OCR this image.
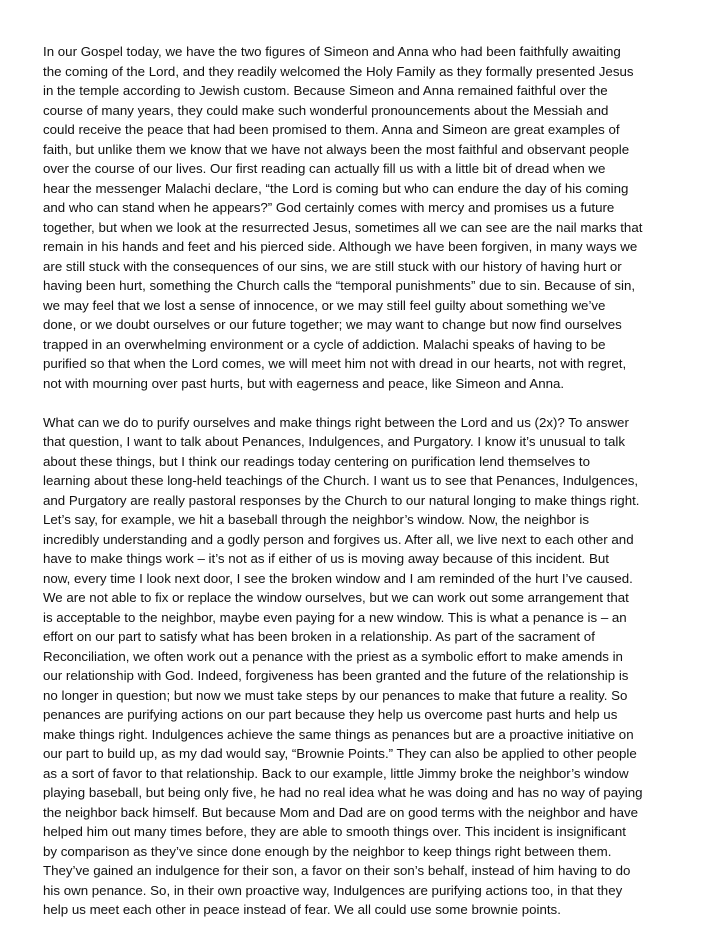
In our Gospel today, we have the two figures of Simeon and Anna who had been faithfully awaiting
the coming of the Lord, and they readily welcomed the Holy Family as they formally presented Jesus
in the temple according to Jewish custom. Because Simeon and Anna remained faithful over the
course of many years, they could make such wonderful pronouncements about the Messiah and
could receive the peace that had been promised to them. Anna and Simeon are great examples of
faith, but unlike them we know that we have not always been the most faithful and observant people
over the course of our lives. Our first reading can actually fill us with a little bit of dread when we
hear the messenger Malachi declare, “the Lord is coming but who can endure the day of his coming
and who can stand when he appears?” God certainly comes with mercy and promises us a future
together, but when we look at the resurrected Jesus, sometimes all we can see are the nail marks that
remain in his hands and feet and his pierced side. Although we have been forgiven, in many ways we
are still stuck with the consequences of our sins, we are still stuck with our history of having hurt or
having been hurt, something the Church calls the “temporal punishments” due to sin. Because of sin,
we may feel that we lost a sense of innocence, or we may still feel guilty about something we’ve
done, or we doubt ourselves or our future together; we may want to change but now find ourselves
trapped in an overwhelming environment or a cycle of addiction. Malachi speaks of having to be
purified so that when the Lord comes, we will meet him not with dread in our hearts, not with regret,
not with mourning over past hurts, but with eagerness and peace, like Simeon and Anna.

What can we do to purify ourselves and make things right between the Lord and us (2x)? To answer
that question, I want to talk about Penances, Indulgences, and Purgatory. I know it’s unusual to talk
about these things, but I think our readings today centering on purification lend themselves to
learning about these long-held teachings of the Church. I want us to see that Penances, Indulgences,
and Purgatory are really pastoral responses by the Church to our natural longing to make things right.
Let’s say, for example, we hit a baseball through the neighbor’s window. Now, the neighbor is
incredibly understanding and a godly person and forgives us. After all, we live next to each other and
have to make things work – it’s not as if either of us is moving away because of this incident. But
now, every time I look next door, I see the broken window and I am reminded of the hurt I’ve caused.
We are not able to fix or replace the window ourselves, but we can work out some arrangement that
is acceptable to the neighbor, maybe even paying for a new window. This is what a penance is – an
effort on our part to satisfy what has been broken in a relationship. As part of the sacrament of
Reconciliation, we often work out a penance with the priest as a symbolic effort to make amends in
our relationship with God. Indeed, forgiveness has been granted and the future of the relationship is
no longer in question; but now we must take steps by our penances to make that future a reality. So
penances are purifying actions on our part because they help us overcome past hurts and help us
make things right. Indulgences achieve the same things as penances but are a proactive initiative on
our part to build up, as my dad would say, “Brownie Points.” They can also be applied to other people
as a sort of favor to that relationship. Back to our example, little Jimmy broke the neighbor’s window
playing baseball, but being only five, he had no real idea what he was doing and has no way of paying
the neighbor back himself. But because Mom and Dad are on good terms with the neighbor and have
helped him out many times before, they are able to smooth things over. This incident is insignificant
by comparison as they’ve since done enough by the neighbor to keep things right between them.
They’ve gained an indulgence for their son, a favor on their son’s behalf, instead of him having to do
his own penance. So, in their own proactive way, Indulgences are purifying actions too, in that they
help us meet each other in peace instead of fear. We all could use some brownie points.
